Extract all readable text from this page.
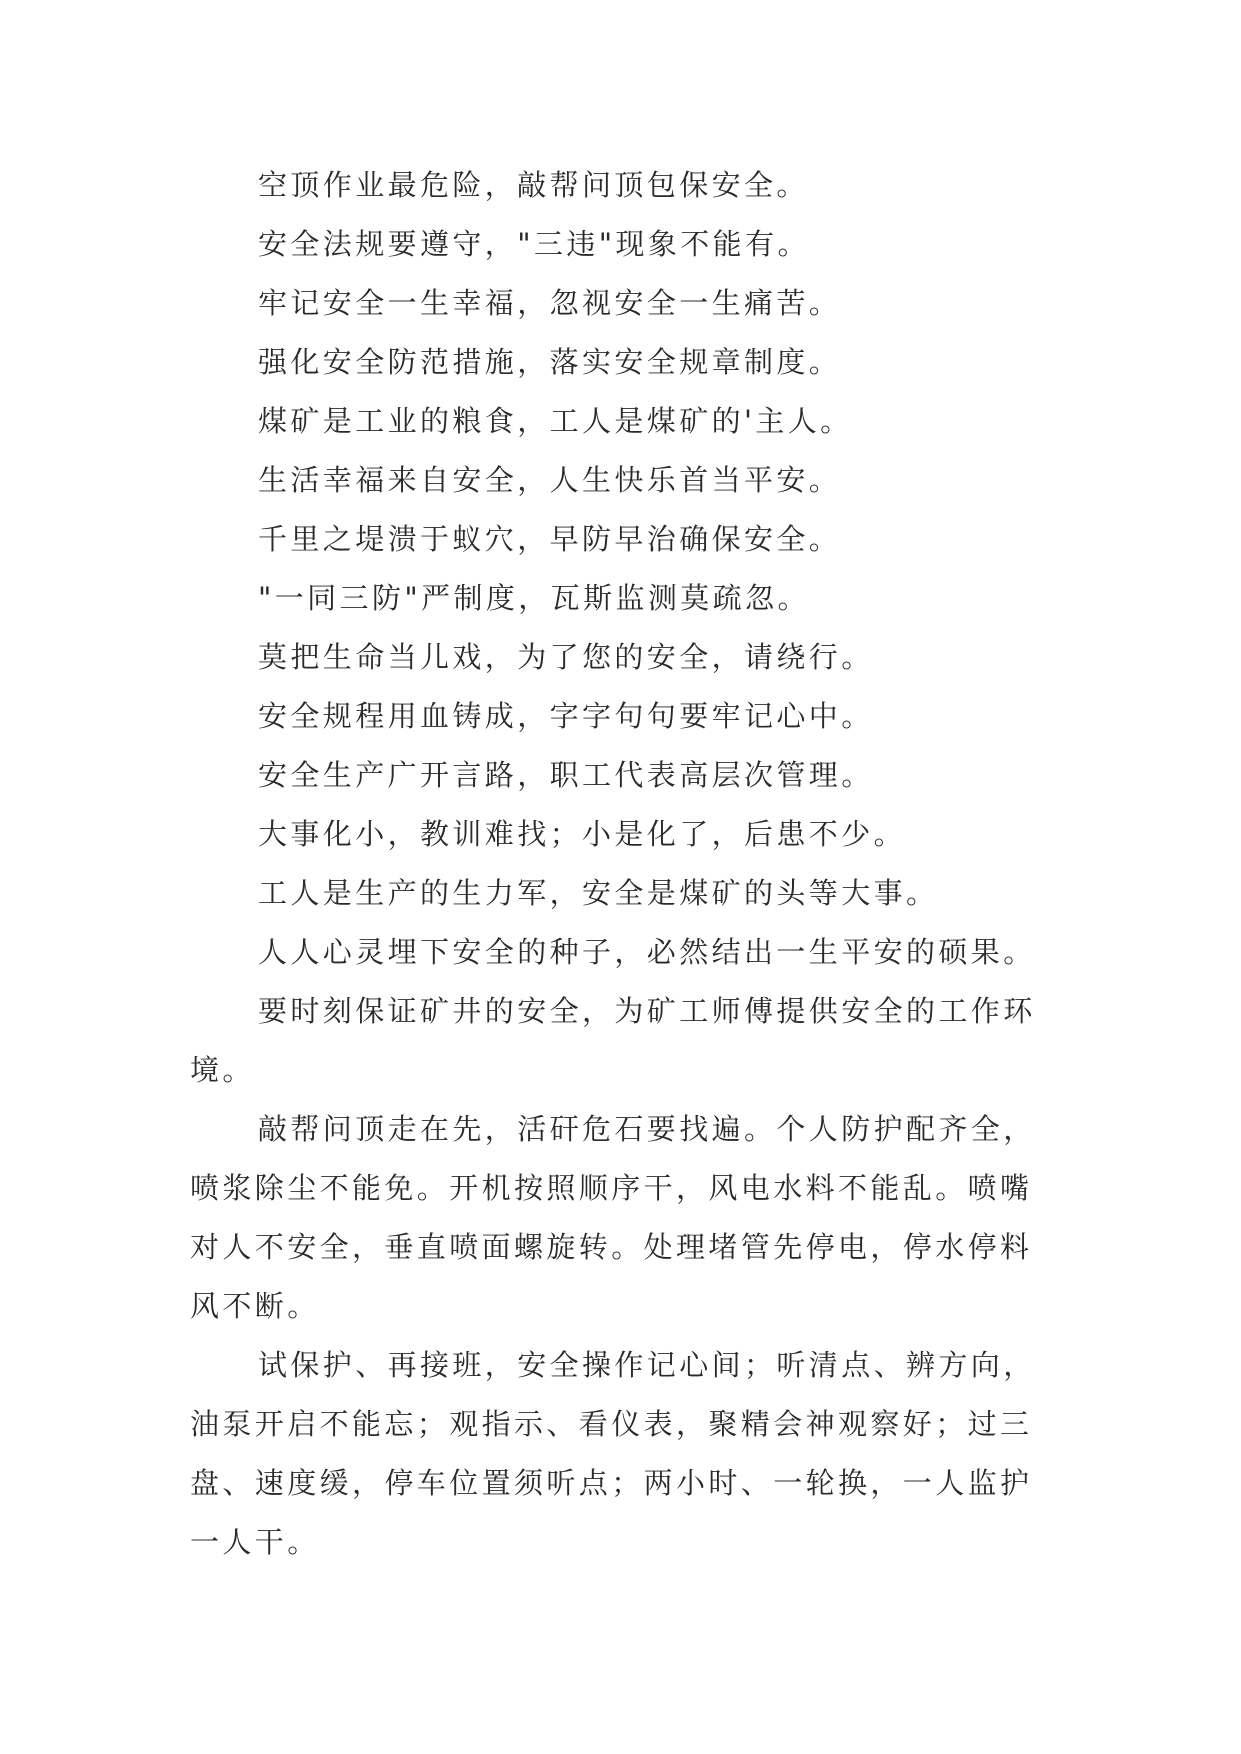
空顶作业最危险，敲帮问顶包保安全。

安全法规要遵守，"三违"现象不能有。

牢记安全一生幸福，忽视安全一生痛苦。

强化安全防范措施，落实安全规章制度。

煤矿是工业的粮食，工人是煤矿的'主人。

生活幸福来自安全，人生快乐首当平安。

千里之堤溃于蚁穴，早防早治确保安全。

"一同三防"严制度，瓦斯监测莫疏忽。

莫把生命当儿戏，为了您的安全，请绕行。

安全规程用血铸成，字字句句要牢记心中。

安全生产广开言路，职工代表高层次管理。

大事化小，教训难找；小是化了，后患不少。

工人是生产的生力军，安全是煤矿的头等大事。

人人心灵埋下安全的种子，必然结出一生平安的硕果。

要时刻保证矿井的安全，为矿工师傅提供安全的工作环
境。
敲帮问顶走在先，活矸危石要找遍。个人防护配齐全，
喷浆除尘不能免。开机按照顺序干，风电水料不能乱。喷嘴
对人不安全，垂直喷面螺旋转。处理堵管先停电，停水停料
风不断。
试保护、再接班，安全操作记心间；听清点、辨方向，
油泵开启不能忘；观指示、看仪表，聚精会神观察好；过三
盘、速度缓，停车位置须听点；两小时、一轮换，一人监护
一人干。
